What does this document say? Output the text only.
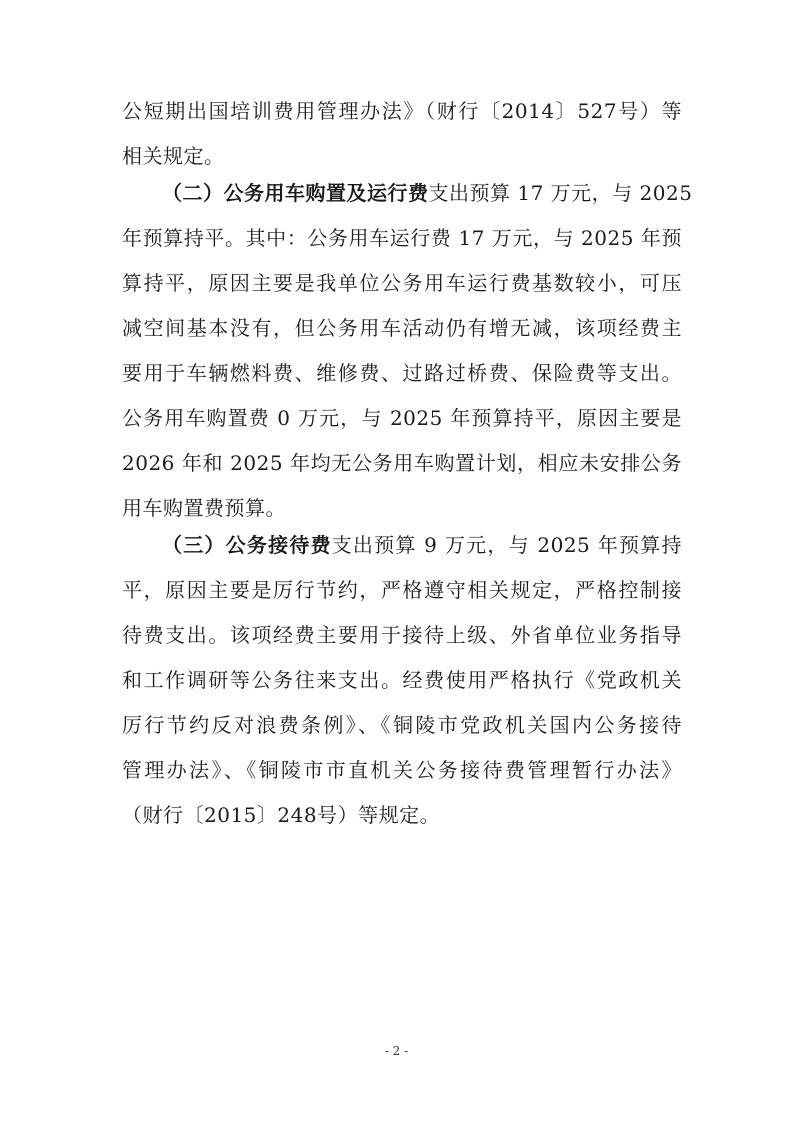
公短期出国培训费用管理办法》（财行〔2014〕527号）等
相关规定。
（二）公务用车购置及运行费支出预算 17 万元，与 2025
年预算持平。其中：公务用车运行费 17 万元，与 2025 年预
算持平，原因主要是我单位公务用车运行费基数较小，可压
减空间基本没有，但公务用车活动仍有增无减，该项经费主
要用于车辆燃料费、维修费、过路过桥费、保险费等支出。
公务用车购置费 0 万元，与 2025 年预算持平，原因主要是
2026 年和 2025 年均无公务用车购置计划，相应未安排公务
用车购置费预算。
（三）公务接待费支出预算 9 万元，与 2025 年预算持
平，原因主要是厉行节约，严格遵守相关规定，严格控制接
待费支出。该项经费主要用于接待上级、外省单位业务指导
和工作调研等公务往来支出。经费使用严格执行《党政机关
厉行节约反对浪费条例》、《铜陵市党政机关国内公务接待
管理办法》、《铜陵市市直机关公务接待费管理暂行办法》
（财行〔2015〕248号）等规定。
- 2 -
